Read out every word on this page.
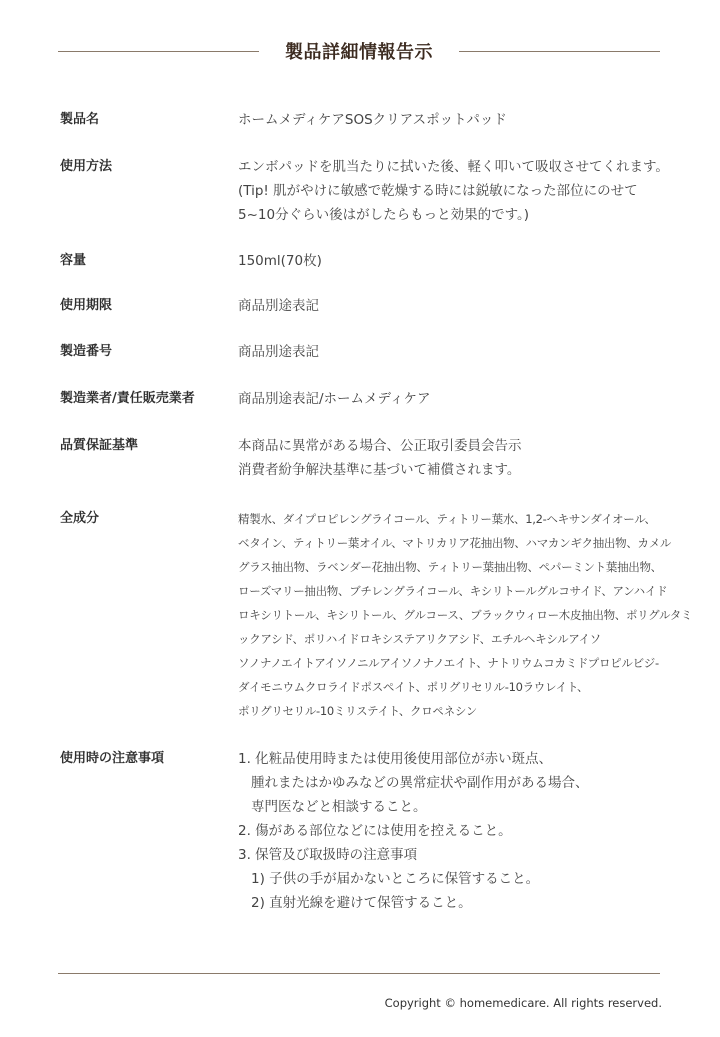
製品詳細情報告示
製品名	ホームメディケアSOSクリアスポットパッド
使用方法	エンボパッドを肌当たりに拭いた後、軽く叩いて吸収させてくれます。
(Tip! 肌がやけに敏感で乾燥する時には鋭敏になった部位にのせて
5~10分ぐらい後はがしたらもっと効果的です。)
容量	150ml(70枚)
使用期限	商品別途表記
製造番号	商品別途表記
製造業者/責任販売業者	商品別途表記/ホームメディケア
品質保証基準	本商品に異常がある場合、公正取引委員会告示
消費者紛争解決基準に基づいて補償されます。
全成分	精製水、ダイプロピレングライコール、ティトリー葉水、1,2-ヘキサンダイオール、
ベタイン、ティトリー葉オイル、マトリカリア花抽出物、ハマカンギク抽出物、カメル
グラス抽出物、ラベンダー花抽出物、ティトリー葉抽出物、ペパーミント葉抽出物、
ローズマリー抽出物、ブチレングライコール、キシリトールグルコサイド、アンハイド
ロキシリトール、キシリトール、グルコース、ブラックウィロー木皮抽出物、ポリグルタミ
ックアシド、ポリハイドロキシステアリクアシド、エチルヘキシルアイソ
ソノナノエイトアイソノニルアイソノナノエイト、ナトリウムコカミドプロピルビジ-
ダイモニウムクロライドポスペイト、ポリグリセリル-10ラウレイト、
ポリグリセリル-10ミリステイト、クロペネシン
使用時の注意事項	1. 化粧品使用時または使用後使用部位が赤い斑点、
腫れまたはかゆみなどの異常症状や副作用がある場合、
専門医などと相談すること。
2. 傷がある部位などには使用を控えること。
3. 保管及び取扱時の注意事項
1) 子供の手が届かないところに保管すること。
2) 直射光線を避けて保管すること。
Copyright © homemedicare. All rights reserved.
